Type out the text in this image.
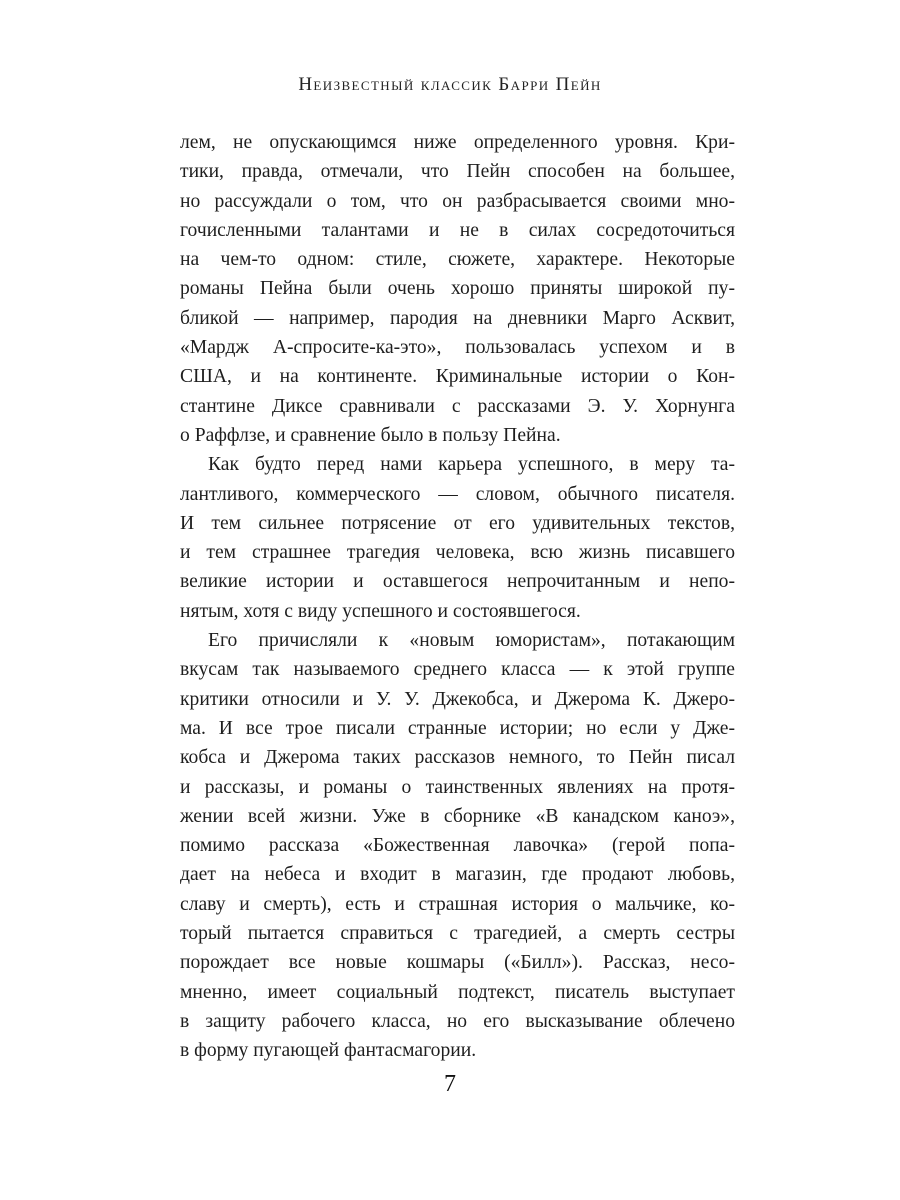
Неизвестный классик Барри Пейн
лем, не опускающимся ниже определенного уровня. Кри-
тики, правда, отмечали, что Пейн способен на большее,
но рассуждали о том, что он разбрасывается своими мно-
гочисленными талантами и не в силах сосредоточиться
на чем-то одном: стиле, сюжете, характере. Некоторые
романы Пейна были очень хорошо приняты широкой пу-
бликой — например, пародия на дневники Марго Асквит,
«Мардж А-спросите-ка-это», пользовалась успехом и в
США, и на континенте. Криминальные истории о Кон-
стантине Диксе сравнивали с рассказами Э. У. Хорнунга
о Раффлзе, и сравнение было в пользу Пейна.
Как будто перед нами карьера успешного, в меру та-
лантливого, коммерческого — словом, обычного писателя.
И тем сильнее потрясение от его удивительных текстов,
и тем страшнее трагедия человека, всю жизнь писавшего
великие истории и оставшегося непрочитанным и непо-
нятым, хотя с виду успешного и состоявшегося.
Его причисляли к «новым юмористам», потакающим
вкусам так называемого среднего класса — к этой группе
критики относили и У. У. Джекобса, и Джерома К. Джеро-
ма. И все трое писали странные истории; но если у Дже-
кобса и Джерома таких рассказов немного, то Пейн писал
и рассказы, и романы о таинственных явлениях на протя-
жении всей жизни. Уже в сборнике «В канадском каноэ»,
помимо рассказа «Божественная лавочка» (герой попа-
дает на небеса и входит в магазин, где продают любовь,
славу и смерть), есть и страшная история о мальчике, ко-
торый пытается справиться с трагедией, а смерть сестры
порождает все новые кошмары («Билл»). Рассказ, несо-
мненно, имеет социальный подтекст, писатель выступает
в защиту рабочего класса, но его высказывание облечено
в форму пугающей фантасмагории.
7
